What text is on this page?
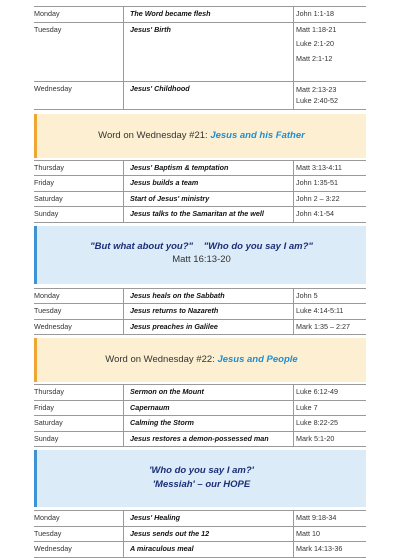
Monday	The Word became flesh	John 1:1-18
Tuesday	Jesus' Birth	Matt 1:18-21
Luke 2:1-20
Matt 2:1-12
Wednesday	Jesus' Childhood	Matt 2:13-23
Luke 2:40-52
Word on Wednesday #21: Jesus and his Father
Thursday	Jesus' Baptism & temptation	Matt 3:13-4:11
Friday	Jesus builds a team	John 1:35-51
Saturday	Start of Jesus' ministry	John 2 – 3:22
Sunday	Jesus talks to the Samaritan at the well	John 4:1-54
"But what about you?" "Who do you say I am?"
Matt 16:13-20
Monday	Jesus heals on the Sabbath	John 5
Tuesday	Jesus returns to Nazareth	Luke 4:14-5:11
Wednesday	Jesus preaches in Galilee	Mark 1:35 – 2:27
Word on Wednesday #22: Jesus and People
Thursday	Sermon on the Mount	Luke 6:12-49
Friday	Capernaum	Luke 7
Saturday	Calming the Storm	Luke 8:22-25
Sunday	Jesus restores a demon-possessed man	Mark 5:1-20
'Who do you say I am?'
'Messiah' – our HOPE
Monday	Jesus' Healing	Matt 9:18-34
Tuesday	Jesus sends out the 12	Matt 10
Wednesday	A miraculous meal	Mark 14:13-36
